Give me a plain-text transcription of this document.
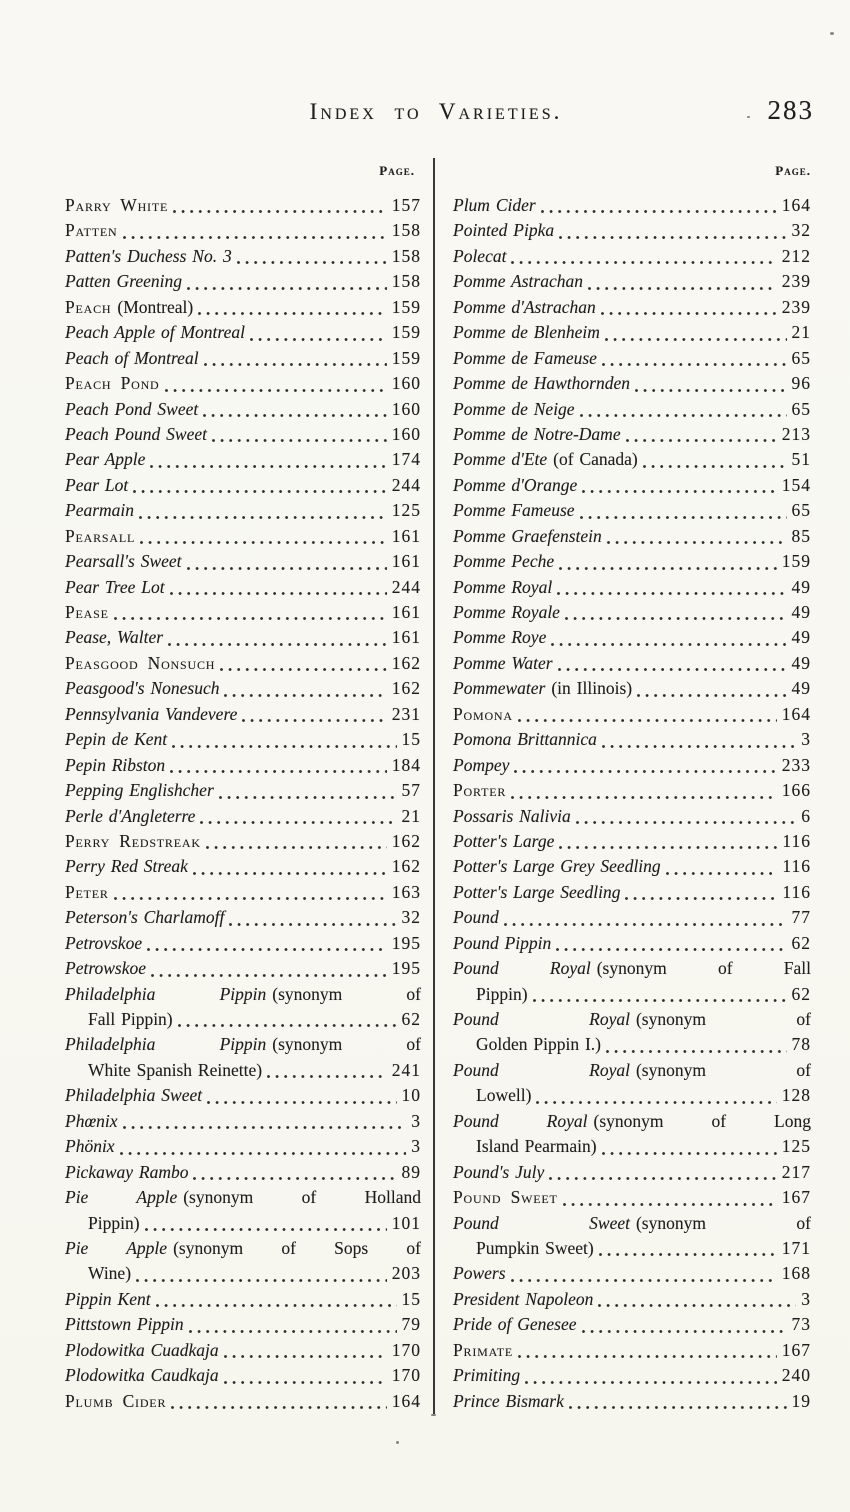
Index to Varieties.	283
Page.	Page.
Parry White	157
Patten	158
Patten's Duchess No. 3	158
Patten Greening	158
Peach (Montreal)	159
Peach Apple of Montreal	159
Peach of Montreal	159
Peach Pond	160
Peach Pond Sweet	160
Peach Pound Sweet	160
Pear Apple	174
Pear Lot	244
Pearmain	125
Pearsall	161
Pearsall's Sweet	161
Pear Tree Lot	244
Pease	161
Pease, Walter	161
Peasgood Nonsuch	162
Peasgood's Nonesuch	162
Pennsylvania Vandevere	231
Pepin de Kent	15
Pepin Ribston	184
Pepping Englishcher	57
Perle d'Angleterre	21
Perry Redstreak	162
Perry Red Streak	162
Peter	163
Peterson's Charlamoff	32
Petrovskoe	195
Petrowskoe	195
Philadelphia Pippin (synonym of
Fall Pippin)	62
Philadelphia Pippin (synonym of
White Spanish Reinette)	241
Philadelphia Sweet	10
Phœnix	3
Phönix	3
Pickaway Rambo	89
Pie Apple (synonym of Holland
Pippin)	101
Pie Apple (synonym of Sops of
Wine)	203
Pippin Kent	15
Pittstown Pippin	79
Plodowitka Cuadkaja	170
Plodowitka Caudkaja	170
Plumb Cider	164
Plum Cider	164
Pointed Pipka	32
Polecat	212
Pomme Astrachan	239
Pomme d'Astrachan	239
Pomme de Blenheim	21
Pomme de Fameuse	65
Pomme de Hawthornden	96
Pomme de Neige	65
Pomme de Notre-Dame	213
Pomme d'Ete (of Canada)	51
Pomme d'Orange	154
Pomme Fameuse	65
Pomme Graefenstein	85
Pomme Peche	159
Pomme Royal	49
Pomme Royale	49
Pomme Roye	49
Pomme Water	49
Pommewater (in Illinois)	49
Pomona	164
Pomona Brittannica	3
Pompey	233
Porter	166
Possaris Nalivia	6
Potter's Large	116
Potter's Large Grey Seedling	116
Potter's Large Seedling	116
Pound	77
Pound Pippin	62
Pound Royal (synonym of Fall
Pippin)	62
Pound Royal (synonym of
Golden Pippin I.)	78
Pound Royal (synonym of
Lowell)	128
Pound Royal (synonym of Long
Island Pearmain)	125
Pound's July	217
Pound Sweet	167
Pound Sweet (synonym of
Pumpkin Sweet)	171
Powers	168
President Napoleon	3
Pride of Genesee	73
Primate	167
Primiting	240
Prince Bismark	19
